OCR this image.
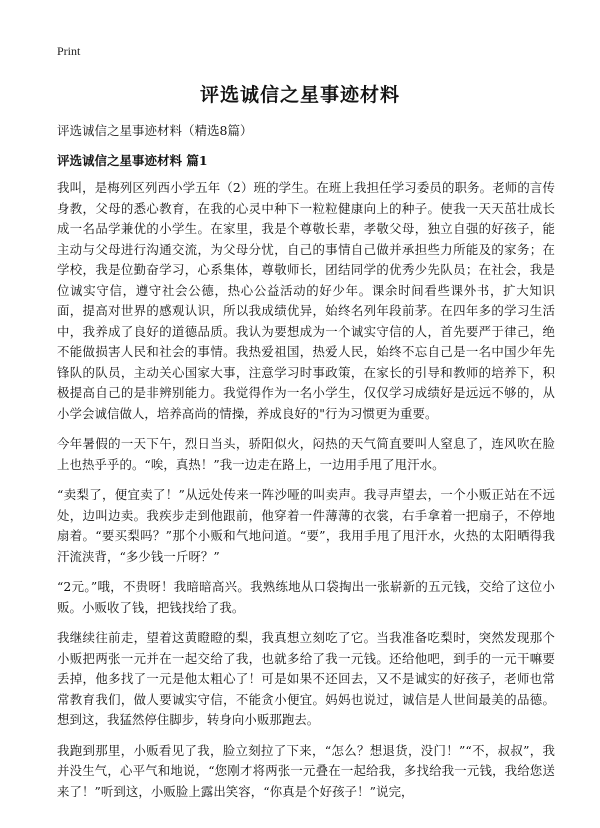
Print
评选诚信之星事迹材料
评选诚信之星事迹材料（精选8篇）
评选诚信之星事迹材料 篇1

我叫，是梅列区列西小学五年（2）班的学生。在班上我担任学习委员的职务。老师的言传身教，父母的悉心教育，在我的心灵中种下一粒粒健康向上的种子。使我一天天茁壮成长成一名品学兼优的小学生。在家里，我是个尊敬长辈，孝敬父母，独立自强的好孩子，能主动与父母进行沟通交流，为父母分忧，自己的事情自己做并承担些力所能及的家务；在学校，我是位勤奋学习，心系集体，尊敬师长，团结同学的优秀少先队员；在社会，我是位诚实守信，遵守社会公德，热心公益活动的好少年。课余时间看些课外书，扩大知识面，提高对世界的感观认识，所以我成绩优异，始终名列年段前茅。在四年多的学习生活中，我养成了良好的道德品质。我认为要想成为一个诚实守信的人，首先要严于律己，绝不能做损害人民和社会的事情。我热爱祖国，热爱人民，始终不忘自己是一名中国少年先锋队的队员，主动关心国家大事，注意学习时事政策，在家长的引导和教师的培养下，积极提高自己的是非辨别能力。我觉得作为一名小学生，仅仅学习成绩好是远远不够的，从小学会诚信做人，培养高尚的情操，养成良好的"行为习惯更为重要。

今年暑假的一天下午，烈日当头，骄阳似火，闷热的天气简直要叫人窒息了，连风吹在脸上也热乎乎的。“唉，真热！”我一边走在路上，一边用手甩了甩汗水。

“卖梨了，便宜卖了！”从远处传来一阵沙哑的叫卖声。我寻声望去，一个小贩正站在不远处，边叫边卖。我疾步走到他跟前，他穿着一件薄薄的衣裳，右手拿着一把扇子，不停地扇着。“要买梨吗？”那个小贩和气地问道。“要”，我用手甩了甩汗水，火热的太阳晒得我汗流浃背，“多少钱一斤呀？”

“2元。”哦，不贵呀！我暗暗高兴。我熟练地从口袋掏出一张崭新的五元钱，交给了这位小贩。小贩收了钱，把钱找给了我。

我继续往前走，望着这黄瞪瞪的梨，我真想立刻吃了它。当我准备吃梨时，突然发现那个小贩把两张一元并在一起交给了我，也就多给了我一元钱。还给他吧，到手的一元干嘛要丢掉，他多找了一元是他太粗心了！可是如果不还回去，又不是诚实的好孩子，老师也常常教育我们，做人要诚实守信，不能贪小便宜。妈妈也说过，诚信是人世间最美的品德。想到这，我猛然停住脚步，转身向小贩那跑去。

我跑到那里，小贩看见了我，脸立刻拉了下来，“怎么？想退货，没门！”“不，叔叔”，我并没生气，心平气和地说，“您刚才将两张一元叠在一起给我，多找给我一元钱，我给您送来了！”听到这，小贩脸上露出笑容，“你真是个好孩子！”说完，
